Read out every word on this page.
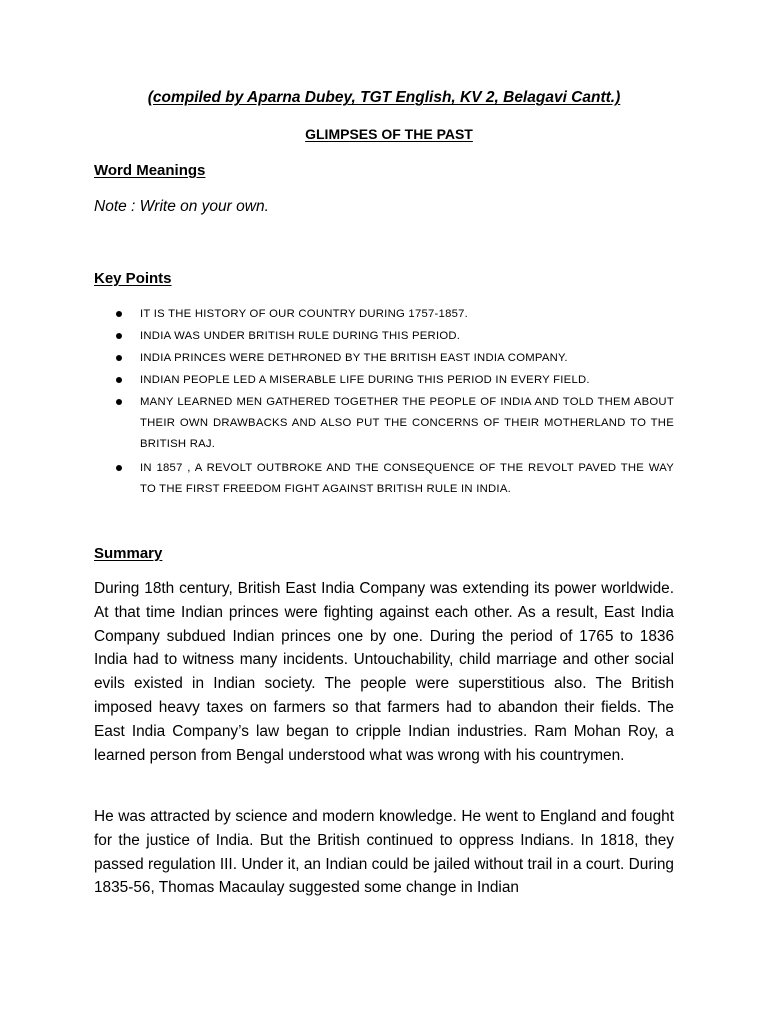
(compiled by Aparna Dubey, TGT English, KV 2, Belagavi Cantt.)
GLIMPSES OF THE PAST
Word Meanings
Note : Write on your own.
Key Points
IT IS THE HISTORY OF OUR COUNTRY DURING 1757-1857.
INDIA WAS UNDER BRITISH RULE DURING THIS PERIOD.
INDIA PRINCES WERE DETHRONED BY THE BRITISH EAST INDIA COMPANY.
INDIAN PEOPLE LED A MISERABLE LIFE DURING THIS PERIOD IN EVERY FIELD.
MANY LEARNED MEN GATHERED TOGETHER THE PEOPLE OF INDIA AND TOLD THEM ABOUT THEIR OWN DRAWBACKS AND ALSO PUT THE CONCERNS OF THEIR MOTHERLAND TO THE BRITISH RAJ.
IN 1857 , A REVOLT OUTBROKE AND THE CONSEQUENCE OF THE REVOLT PAVED THE WAY TO THE FIRST FREEDOM FIGHT AGAINST BRITISH RULE IN INDIA.
Summary

During 18th century, British East India Company was extending its power worldwide. At that time Indian princes were fighting against each other. As a result, East India Company subdued Indian princes one by one. During the period of 1765 to 1836 India had to witness many incidents. Untouchability, child marriage and other social evils existed in Indian society. The people were superstitious also. The British imposed heavy taxes on farmers so that farmers had to abandon their fields. The East India Company’s law began to cripple Indian industries. Ram Mohan Roy, a learned person from Bengal understood what was wrong with his countrymen.

He was attracted by science and modern knowledge. He went to England and fought for the justice of India. But the British continued to oppress Indians. In 1818, they passed regulation III. Under it, an Indian could be jailed without trail in a court. During 1835-56, Thomas Macaulay suggested some change in Indian
